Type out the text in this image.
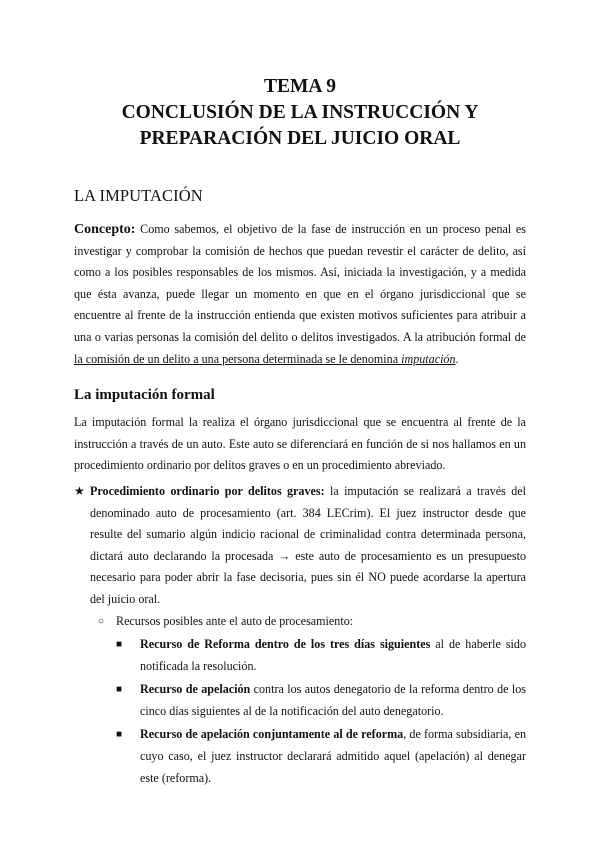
TEMA 9
CONCLUSIÓN DE LA INSTRUCCIÓN Y
PREPARACIÓN DEL JUICIO ORAL
LA IMPUTACIÓN

Concepto: Como sabemos, el objetivo de la fase de instrucción en un proceso penal es investigar y comprobar la comisión de hechos que puedan revestir el carácter de delito, así como a los posibles responsables de los mismos. Así, iniciada la investigación, y a medida que ésta avanza, puede llegar un momento en que en el órgano jurisdiccional que se encuentre al frente de la instrucción entienda que existen motivos suficientes para atribuir a una o varias personas la comisión del delito o delitos investigados. A la atribución formal de la comisión de un delito a una persona determinada se le denomina imputación.

La imputación formal

La imputación formal la realiza el órgano jurisdiccional que se encuentra al frente de la instrucción a través de un auto. Este auto se diferenciará en función de si nos hallamos en un procedimiento ordinario por delitos graves o en un procedimiento abreviado.

★ Procedimiento ordinario por delitos graves: la imputación se realizará a través del denominado auto de procesamiento (art. 384 LECrim). El juez instructor desde que resulte del sumario algún indicio racional de criminalidad contra determinada persona, dictará auto declarando la procesada → este auto de procesamiento es un presupuesto necesario para poder abrir la fase decisoria, pues sin él NO puede acordarse la apertura del juicio oral.
○ Recursos posibles ante el auto de procesamiento:
■ Recurso de Reforma dentro de los tres días siguientes al de haberle sido notificada la resolución.
■ Recurso de apelación contra los autos denegatorio de la reforma dentro de los cinco días siguientes al de la notificación del auto denegatorio.
■ Recurso de apelación conjuntamente al de reforma, de forma subsidiaria, en cuyo caso, el juez instructor declarará admitido aquel (apelación) al denegar este (reforma).
